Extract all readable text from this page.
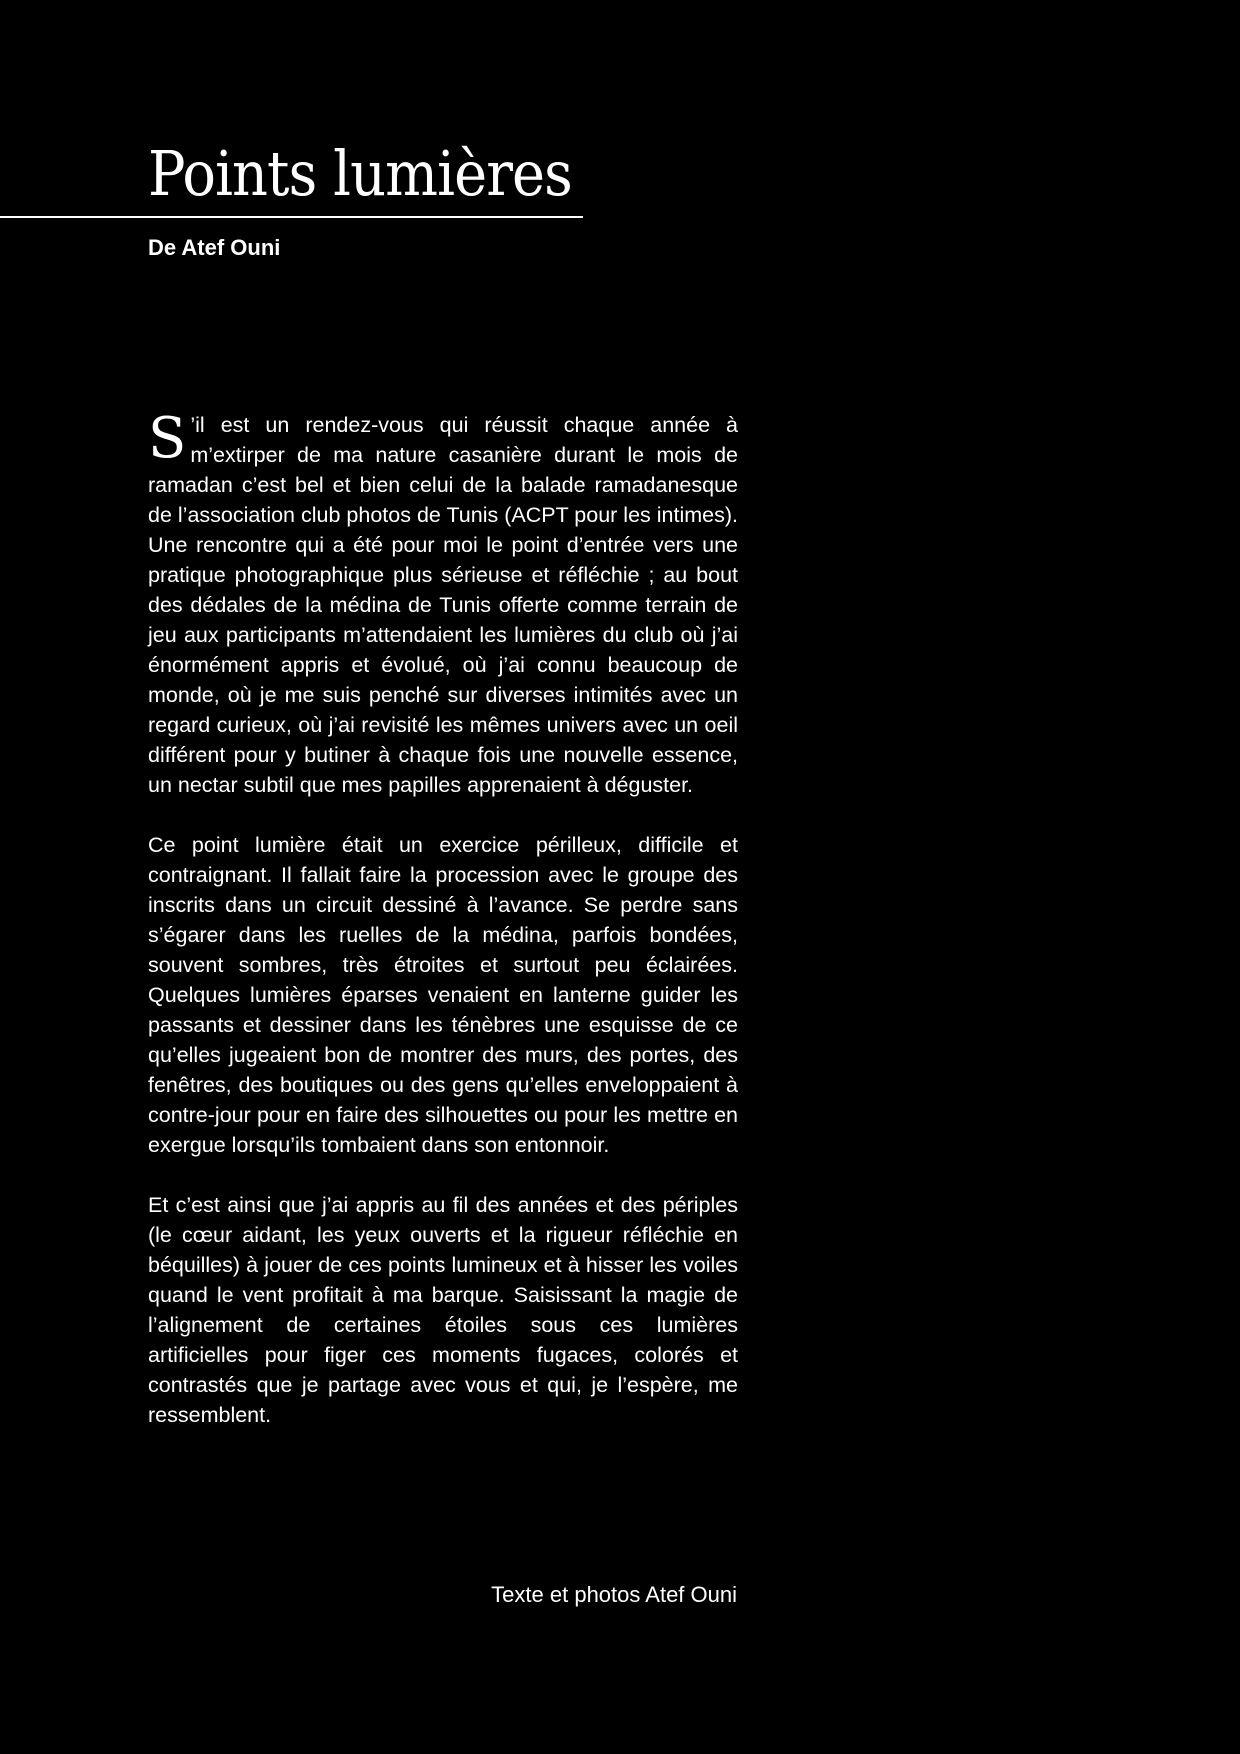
Points lumières

De Atef Ouni

S ’il est un rendez-vous qui réussit chaque année à m’extirper de ma nature casanière durant le mois de ramadan c’est bel et bien celui de la balade ramadanesque de l’association club photos de Tunis (ACPT pour les intimes). Une rencontre qui a été pour moi le point d’entrée vers une pratique photographique plus sérieuse et réfléchie ; au bout des dédales de la médina de Tunis offerte comme terrain de jeu aux participants m’attendaient les lumières du club où j’ai énormément appris et évolué, où j’ai connu beaucoup de monde, où je me suis penché sur diverses intimités avec un regard curieux, où j’ai revisité les mêmes univers avec un oeil différent pour y butiner à chaque fois une nouvelle essence, un nectar subtil que mes papilles apprenaient à déguster.

Ce point lumière était un exercice périlleux, difficile et contraignant. Il fallait faire la procession avec le groupe des inscrits dans un circuit dessiné à l’avance. Se perdre sans s’égarer dans les ruelles de la médina, parfois bondées, souvent sombres, très étroites et surtout peu éclairées. Quelques lumières éparses venaient en lanterne guider les passants et dessiner dans les ténèbres une esquisse de ce qu’elles jugeaient bon de montrer des murs, des portes, des fenêtres, des boutiques ou des gens qu’elles enveloppaient à contre-jour pour en faire des silhouettes ou pour les mettre en exergue lorsqu’ils tombaient dans son entonnoir.

Et c’est ainsi que j’ai appris au fil des années et des périples (le cœur aidant, les yeux ouverts et la rigueur réfléchie en béquilles) à jouer de ces points lumineux et à hisser les voiles quand le vent profitait à ma barque. Saisissant la magie de l’alignement de certaines étoiles sous ces lumières artificielles pour figer ces moments fugaces, colorés et contrastés que je partage avec vous et qui, je l’espère, me ressemblent.

Texte et photos Atef Ouni
